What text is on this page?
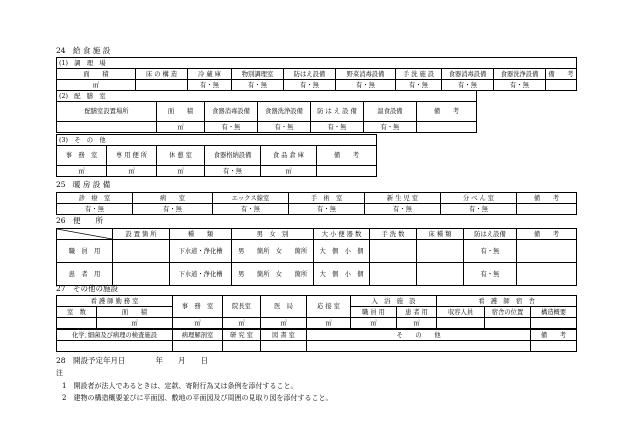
24　給 食 施 設
(1)　調　理　場									
面　　積	床 の 構 造	冷 蔵 庫	物別調理室	防はえ設備	野菜消毒設備	手 洗 施 設	食器消毒設備	食器洗浄設備	備　　考
㎡		有・無	有・無	有・無	有・無	有・無	有・無	有・無	
(2)　配　膳　室						
配膳室設置場所	面　　積	食器消毒設備	食器洗浄設備	防 は え 設 備	温食設備	備　　考
	㎡	有・無	有・無	有・無	有・無	
(3)　そ　の　他					
事　務　室	専 用 便 所	休 憩 室	食器格納設備	食 品 倉 庫	備　　考
㎡	㎡	㎡	有・無	㎡	
25　暖 房 設 備
診　療　室	病　　室	エックス線室	手　術　室	新 生 児 室	分 べ ん 室	備　　考
有・無	有・無	有・無	有・無	有・無	有・無	
26　便　　所
	設 置 箇 所	種　　類	男　女　別	大 小 便 器 数	手 洗 数	床 種 類	防はえ設備	備　　考
職　員　用		下水道・浄化槽	男　　箇所　女　　箇所	大　個　小　個			有・無	
患　者　用		下水道・浄化槽	男　　箇所　女　　箇所	大　個　小　個			有・無	
27　その他の施設
看 護 師 勤 務 室		事　務　室	院長室	医　局	応 接 室	入　浴　施　設		看　護　師　宿　舎		
室　数	面　　積					職 員 用	患 者 用	収容人員	宿舎の位置	構造概要
	㎡	㎡	㎡	㎡	㎡	㎡	㎡			
化学､細菌及び病理の検査施設	病理解剖室	研 究 室	図 書 室	そ　　の　　他	備　　考

28　開設予定年月日　　　　年　　月　　日
注
1　開設者が法人であるときは、定款、寄附行為又は条例を添付すること。
2　建物の構造概要並びに平面図、敷地の平面図及び周囲の見取り図を添付すること。
